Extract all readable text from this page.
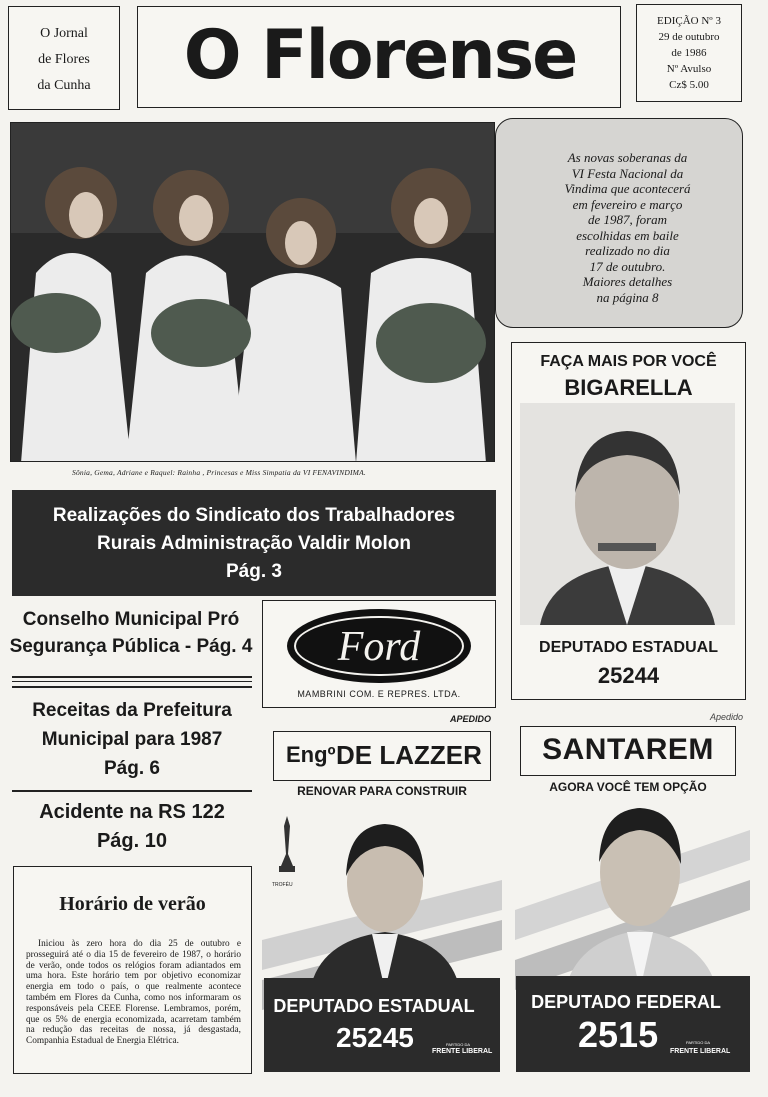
O Jornal
de Flores
da Cunha	O Florense	EDIÇÃO Nº 3
29 de outubro
de 1986
Nº Avulso
Cz$ 5.00
Sônia, Gema, Adriane e Raquel: Rainha , Princesas e Miss Simpatia da VI FENAVINDIMA.
As novas soberanas da
VI Festa Nacional da
Vindima que acontecerá
em fevereiro e março
de 1987, foram
escolhidas em baile
realizado no dia
17 de outubro.
Maiores detalhes
na página 8
Realizações do Sindicato dos Trabalhadores
Rurais Administração Valdir Molon
Pág. 3
Conselho Municipal Pró
Segurança Pública - Pág. 4	Ford
MAMBRINI COM. E REPRES. LTDA.
Receitas da Prefeitura
Municipal para 1987
Pág. 6
Acidente na RS 122
Pág. 10
Horário de verão
Iniciou às zero hora do dia 25 de outubro e prosseguirá até o dia 15 de fevereiro de 1987, o horário de verão, onde todos os relógios foram adiantados em uma hora. Este horário tem por objetivo economizar energia em todo o país, o que realmente acontece também em Flores da Cunha, como nos informaram os responsáveis pela CEEE Florense. Lembramos, porém, que os 5% de energia economizada, acarretam também na redução das receitas de nossa, já desgastada, Companhia Estadual de Energia Elétrica.
FAÇA MAIS POR VOCÊ
BIGARELLA
DEPUTADO ESTADUAL
25244
APEDIDO
Engº DE LAZZER
RENOVAR PARA CONSTRUIR
TROFÉU
DEPUTADO ESTADUAL
25245	PARTIDO DA
FRENTE LIBERAL
Apedido
SANTAREM
AGORA VOCÊ TEM OPÇÃO
DEPUTADO FEDERAL
2515	PARTIDO DA
FRENTE LIBERAL
